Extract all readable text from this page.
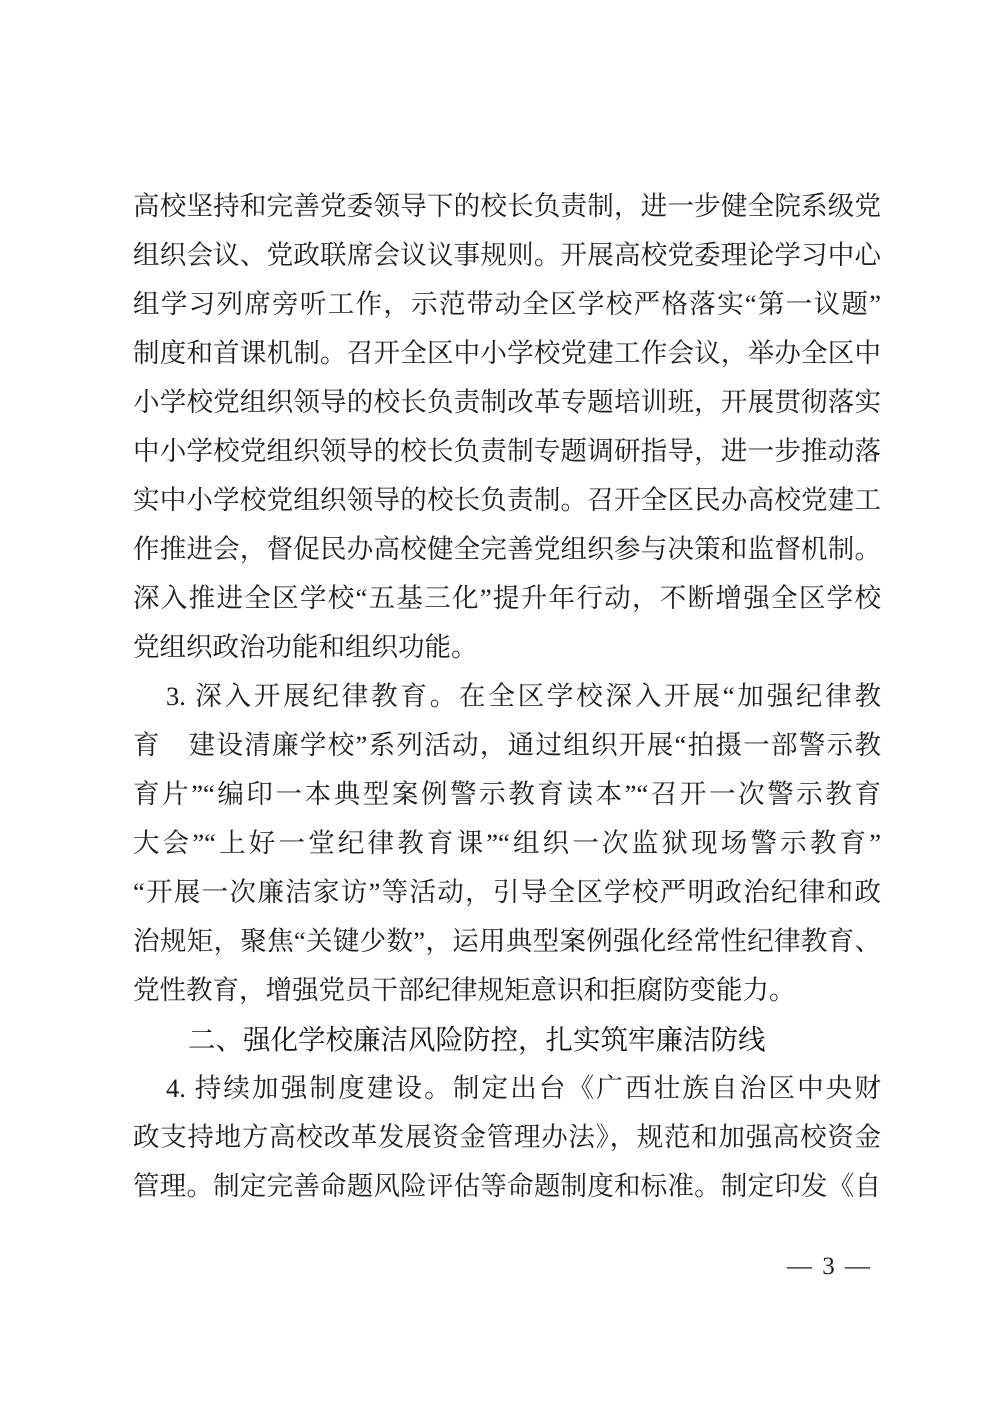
高校坚持和完善党委领导下的校长负责制，进一步健全院系级党
组织会议、党政联席会议议事规则。开展高校党委理论学习中心
组学习列席旁听工作，示范带动全区学校严格落实“第一议题”
制度和首课机制。召开全区中小学校党建工作会议，举办全区中
小学校党组织领导的校长负责制改革专题培训班，开展贯彻落实
中小学校党组织领导的校长负责制专题调研指导，进一步推动落
实中小学校党组织领导的校长负责制。召开全区民办高校党建工
作推进会，督促民办高校健全完善党组织参与决策和监督机制。
深入推进全区学校“五基三化”提升年行动，不断增强全区学校
党组织政治功能和组织功能。
3. 深入开展纪律教育。在全区学校深入开展“加强纪律教
育　建设清廉学校”系列活动，通过组织开展“拍摄一部警示教
育片”“编印一本典型案例警示教育读本”“召开一次警示教育
大会”“上好一堂纪律教育课”“组织一次监狱现场警示教育”
“开展一次廉洁家访”等活动，引导全区学校严明政治纪律和政
治规矩，聚焦“关键少数”，运用典型案例强化经常性纪律教育、
党性教育，增强党员干部纪律规矩意识和拒腐防变能力。
二、强化学校廉洁风险防控，扎实筑牢廉洁防线
4. 持续加强制度建设。制定出台《广西壮族自治区中央财
政支持地方高校改革发展资金管理办法》，规范和加强高校资金
管理。制定完善命题风险评估等命题制度和标准。制定印发《自
— 3 —
